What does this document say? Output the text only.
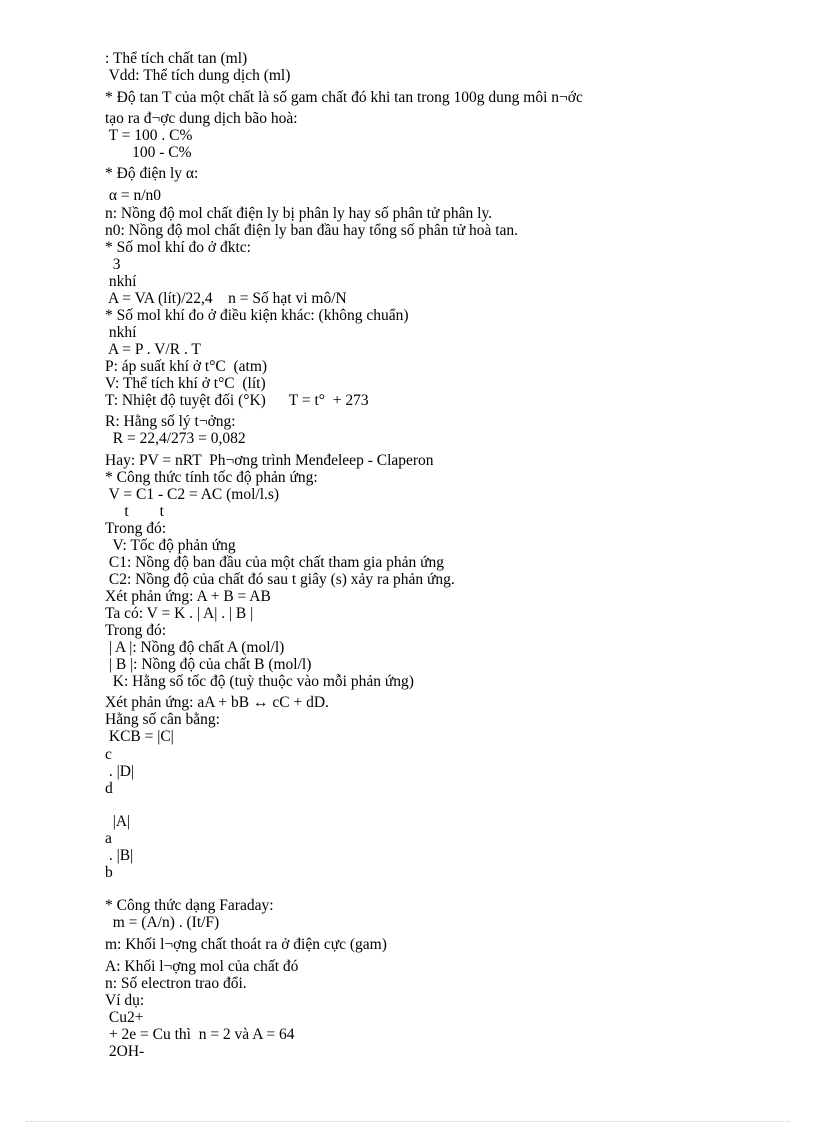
: Thể tích chất tan (ml)
Vdd: Thể tích dung dịch (ml)
* Độ tan T của một chất là số gam chất đó khi tan trong 100g dung môi n¬ớc
tạo ra đ¬ợc dung dịch bão hoà:
T = 100 . C%
100 - C%
* Độ điện ly α:
α = n/n0
n: Nồng độ mol chất điện ly bị phân ly hay số phân tử phân ly.
n0: Nồng độ mol chất điện ly ban đầu hay tổng số phân tử hoà tan.
* Số mol khí đo ở đktc:
3
nkhí
A = VA (lít)/22,4    n = Số hạt vi mô/N
* Số mol khí đo ở điều kiện khác: (không chuẩn)
nkhí
A = P . V/R . T
P: áp suất khí ở t°C  (atm)
V: Thể tích khí ở t°C  (lít)
T: Nhiệt độ tuyệt đối (°K)      T = t°  + 273
R: Hằng số lý t¬ởng:
R = 22,4/273 = 0,082
Hay: PV = nRT  Ph¬ơng trình Menđeleep - Claperon
* Công thức tính tốc độ phản ứng:
V = C1 - C2 = AC (mol/l.s)
t        t
Trong đó:
V: Tốc độ phản ứng
C1: Nồng độ ban đầu của một chất tham gia phản ứng
C2: Nồng độ của chất đó sau t giây (s) xảy ra phản ứng.
Xét phản ứng: A + B = AB
Ta có: V = K . | A| . | B |
Trong đó:
| A |: Nồng độ chất A (mol/l)
| B |: Nồng độ của chất B (mol/l)
K: Hằng số tốc độ (tuỳ thuộc vào mỗi phản ứng)
Xét phản ứng: aA + bB ↔ cC + dD.
Hằng số cân bằng:
KCB = |C|
c
. |D|
d
|A|
a
. |B|
b
* Công thức dạng Faraday:
m = (A/n) . (It/F)
m: Khối l¬ợng chất thoát ra ở điện cực (gam)
A: Khối l¬ợng mol của chất đó
n: Số electron trao đổi.
Ví dụ:
Cu2+
+ 2e = Cu thì  n = 2 và A = 64
2OH-
